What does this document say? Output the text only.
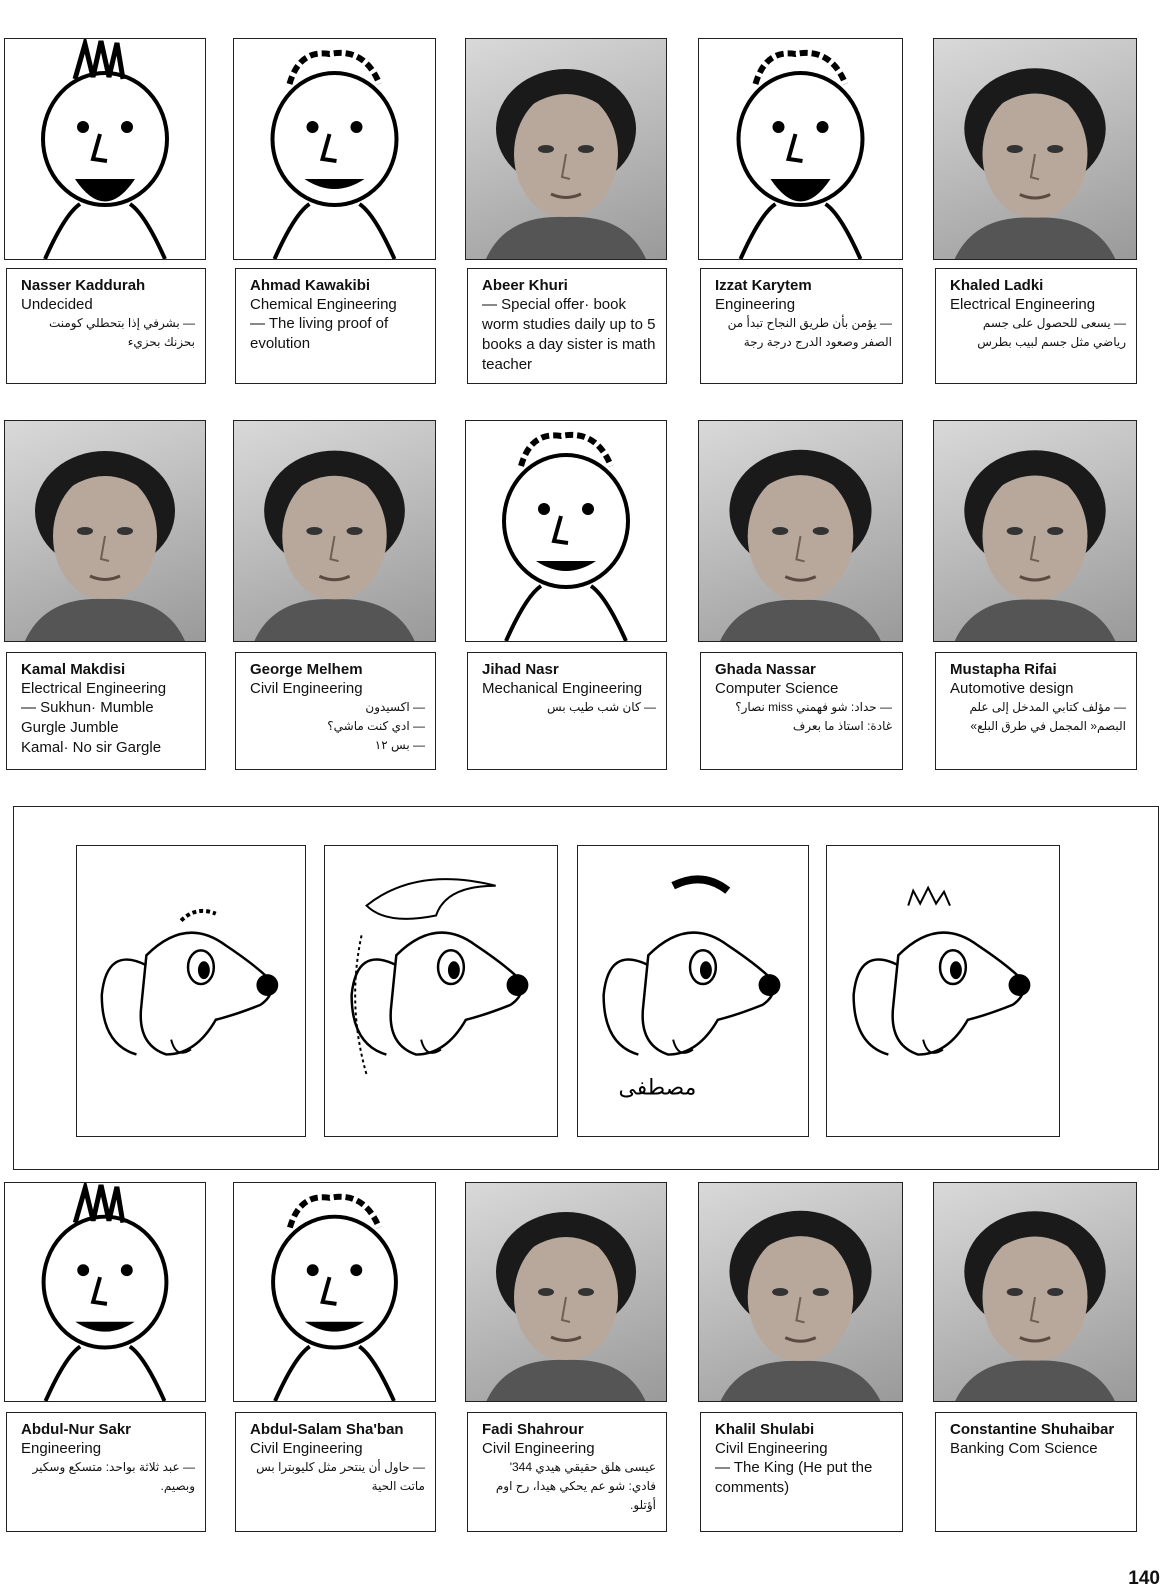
Nasser Kaddurah
Undecided
— بشرفي إذا بتحطلي كومنت بحزنك بحزيء
Ahmad Kawakibi
Chemical Engineering
— The living proof of evolution
Abeer Khuri
— Special offer· book worm studies daily up to 5 books a day sister is math teacher
Izzat Karytem
Engineering
— يؤمن بأن طريق النجاح تبدأ من الصفر وصعود الدرج درجة رجة
Khaled Ladki
Electrical Engineering
— يسعى للحصول على جسم رياضي مثل جسم لبيب بطرس
Kamal Makdisi
Electrical Engineering
— Sukhun· Mumble Gurgle Jumble
Kamal· No sir Gargle
George Melhem
Civil Engineering
— اكسيدون
— ادي كنت ماشي؟
— بس ١٢
Jihad Nasr
Mechanical Engineering
— كان شب طيب بس
Ghada Nassar
Computer Science
— حداد: شو فهمني miss نصار؟
غادة: استاذ ما بعرف
Mustapha Rifai
Automotive design
— مؤلف كتابي المدخل إلى علم البصم« المجمل في طرق البلع»
Abdul-Nur Sakr
Engineering
— عبد ثلاثة بواحد: متسكع وسكير وبصيم.
Abdul-Salam Sha'ban
Civil Engineering
— حاول أن ينتحر مثل كليوبترا بس ماتت الحية
Fadi Shahrour
Civil Engineering
عيسى هلق حقيقي هيدي 344' فادي: شو عم يحكي هيدا، رح اوم أؤتلو.
Khalil Shulabi
Civil Engineering
— The King (He put the comments)
Constantine Shuhaibar
Banking Com Science
مصطفى
140
